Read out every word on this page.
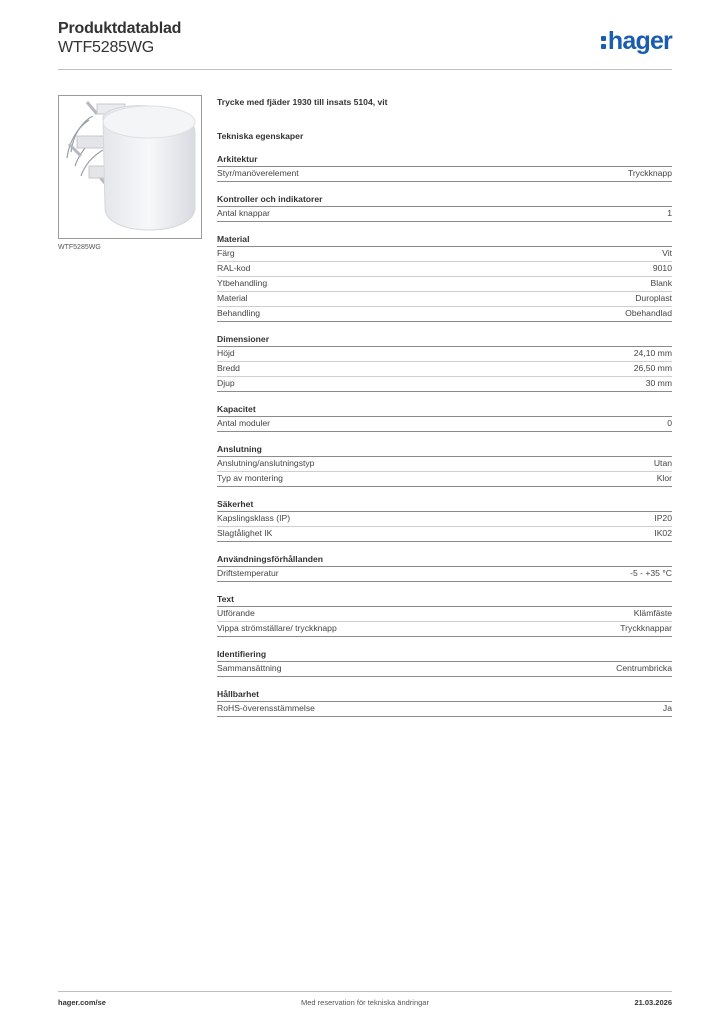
Produktdatablad
WTF5285WG	hager
WTF5285WG
Trycke med fjäder 1930 till insats 5104, vit
Tekniska egenskaper
Arkitektur
Styr/manöverelement	Tryckknapp
Kontroller och indikatorer
Antal knappar	1
Material
Färg	Vit
RAL-kod	9010
Ytbehandling	Blank
Material	Duroplast
Behandling	Obehandlad
Dimensioner
Höjd	24,10 mm
Bredd	26,50 mm
Djup	30 mm
Kapacitet
Antal moduler	0
Anslutning
Anslutning/anslutningstyp	Utan
Typ av montering	Klor
Säkerhet
Kapslingsklass (IP)	IP20
Slagtålighet IK	IK02
Användningsförhållanden
Driftstemperatur	-5 - +35 °C
Text
Utförande	Klämfäste
Vippa strömställare/ tryckknapp	Tryckknappar
Identifiering
Sammansättning	Centrumbricka
Hållbarhet
RoHS-överensstämmelse	Ja
hager.com/se	Med reservation för tekniska ändringar	21.03.2026
